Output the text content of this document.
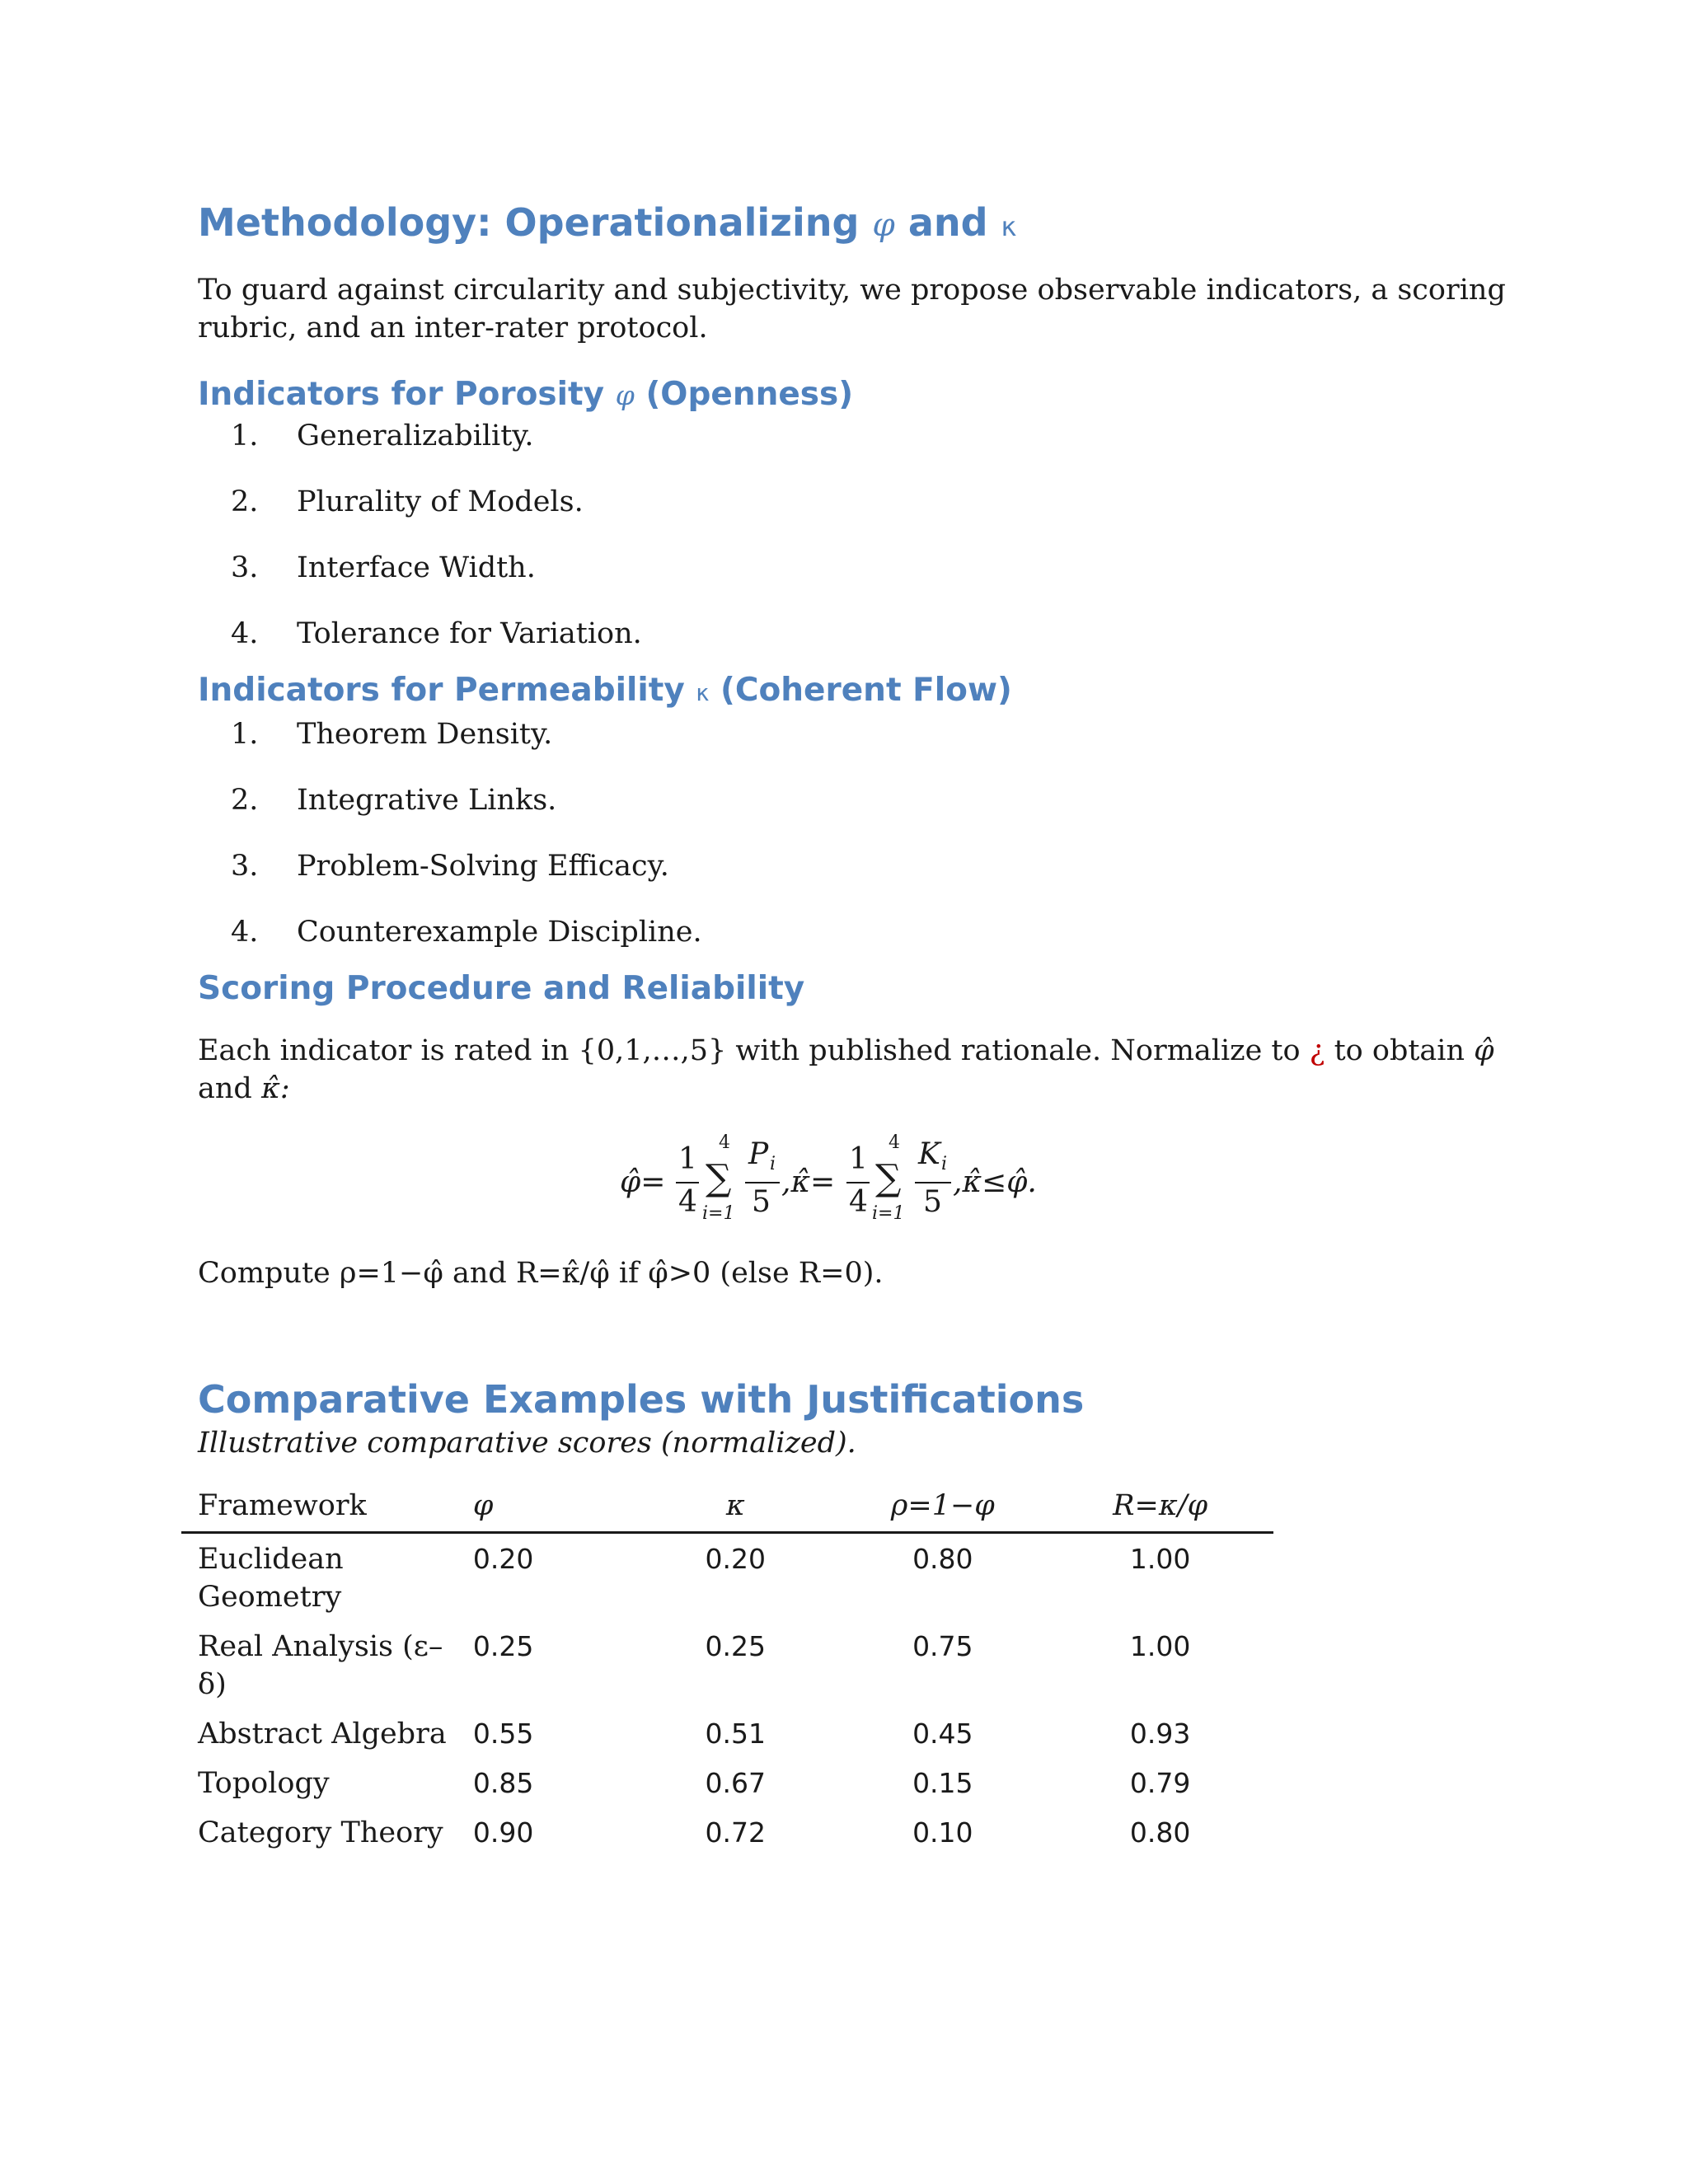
Methodology: Operationalizing φ and κ

To guard against circularity and subjectivity, we propose observable indicators, a scoring rubric, and an inter-rater protocol.

Indicators for Porosity φ (Openness)
1.	Generalizability.
2.	Plurality of Models.
3.	Interface Width.
4.	Tolerance for Variation.
Indicators for Permeability κ (Coherent Flow)
1.	Theorem Density.
2.	Integrative Links.
3.	Problem-Solving Efficacy.
4.	Counterexample Discipline.
Scoring Procedure and Reliability

Each indicator is rated in {0,1,…,5} with published rationale. Normalize to ¿ to obtain φ̂ and κ̂:

φ̂=
1
4
4
∑
i=1
P i
5
,κ̂=
1
4
4
∑
i=1
K i
5
,κ̂≤φ̂.

Compute ρ=1−φ̂ and R=κ̂/φ̂ if φ̂>0 (else R=0).

Comparative Examples with Justifications
Illustrative comparative scores (normalized).
Framework	φ	κ	ρ=1−φ	R=κ/φ
Euclidean Geometry	0.20	0.20	0.80	1.00
Real Analysis (ε–δ)	0.25	0.25	0.75	1.00
Abstract Algebra	0.55	0.51	0.45	0.93
Topology	0.85	0.67	0.15	0.79
Category Theory	0.90	0.72	0.10	0.80
